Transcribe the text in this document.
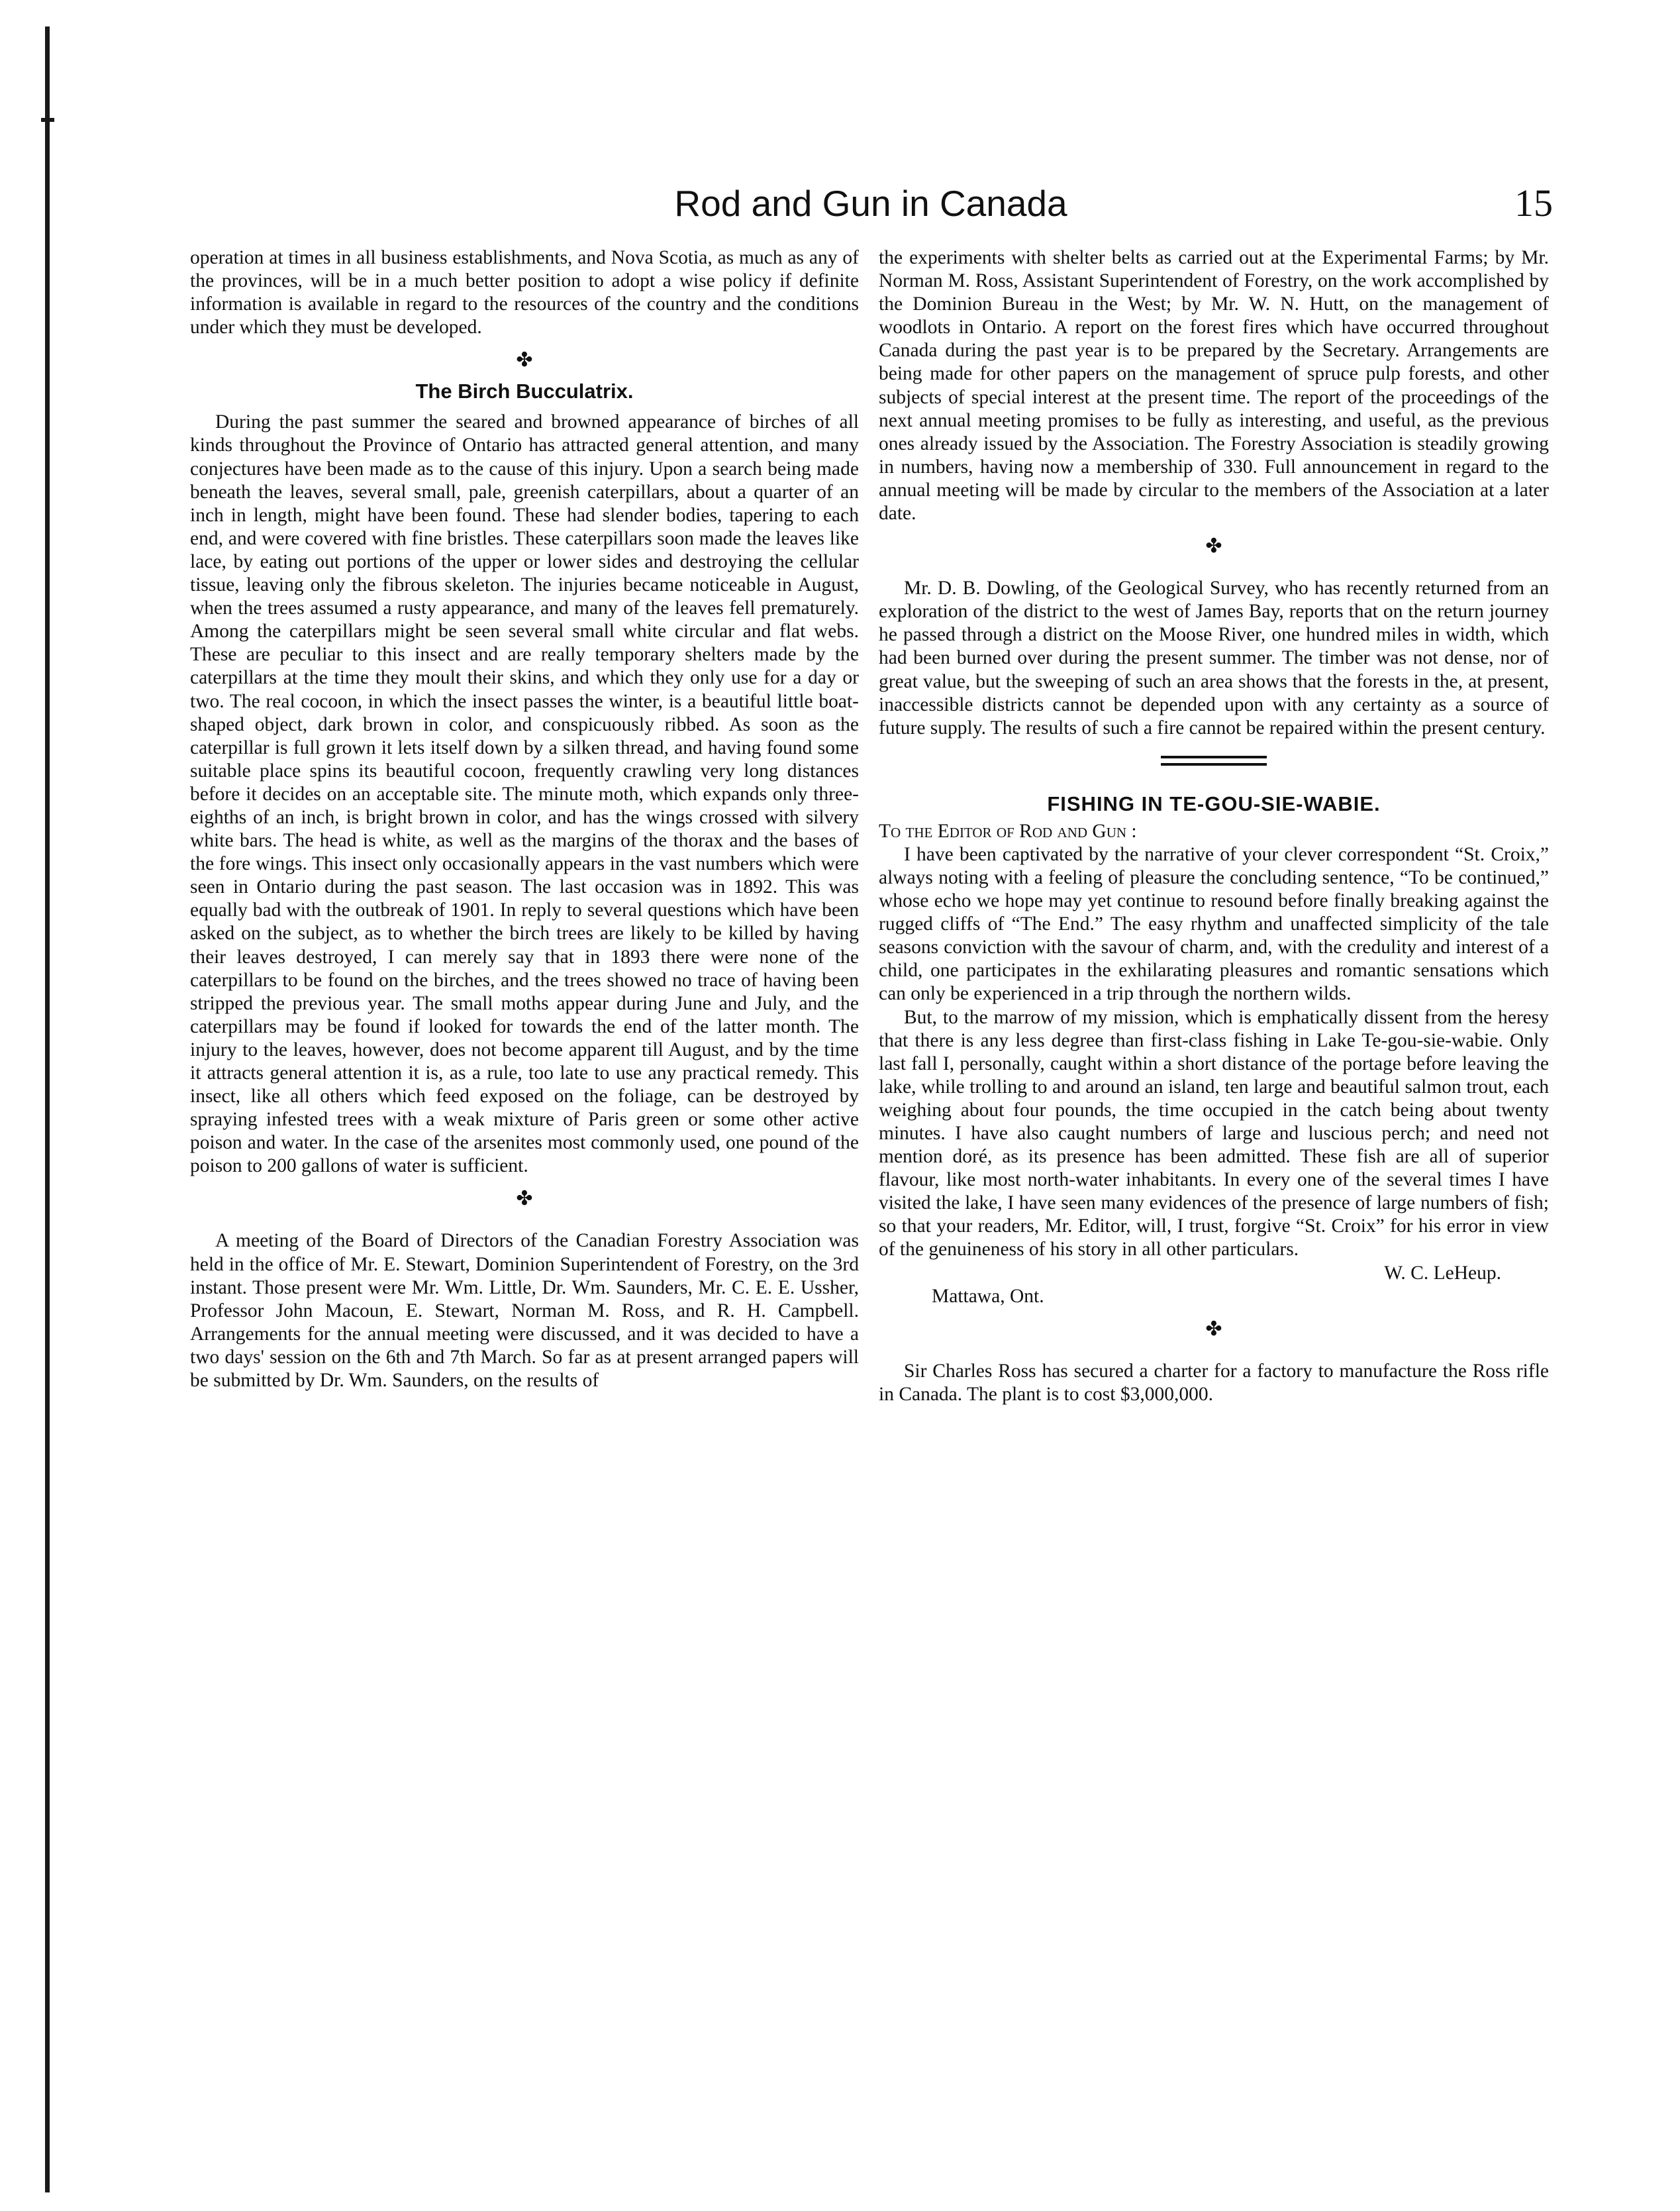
Rod and Gun in Canada	15

operation at times in all business establishments, and Nova Scotia, as much as any of the provinces, will be in a much better position to adopt a wise policy if definite information is available in regard to the resources of the country and the conditions under which they must be developed.

✤
The Birch Bucculatrix.

During the past summer the seared and browned appearance of birches of all kinds throughout the Province of Ontario has attracted general attention, and many conjectures have been made as to the cause of this injury. Upon a search being made beneath the leaves, several small, pale, greenish caterpillars, about a quarter of an inch in length, might have been found. These had slender bodies, tapering to each end, and were covered with fine bristles. These caterpillars soon made the leaves like lace, by eating out portions of the upper or lower sides and destroying the cellular tissue, leaving only the fibrous skeleton. The injuries became noticeable in August, when the trees assumed a rusty appearance, and many of the leaves fell prematurely. Among the caterpillars might be seen several small white circular and flat webs. These are peculiar to this insect and are really temporary shelters made by the caterpillars at the time they moult their skins, and which they only use for a day or two. The real cocoon, in which the insect passes the winter, is a beautiful little boat-shaped object, dark brown in color, and conspicuously ribbed. As soon as the caterpillar is full grown it lets itself down by a silken thread, and having found some suitable place spins its beautiful cocoon, frequently crawling very long distances before it decides on an acceptable site. The minute moth, which expands only three-eighths of an inch, is bright brown in color, and has the wings crossed with silvery white bars. The head is white, as well as the margins of the thorax and the bases of the fore wings. This insect only occasionally appears in the vast numbers which were seen in Ontario during the past season. The last occasion was in 1892. This was equally bad with the outbreak of 1901. In reply to several questions which have been asked on the subject, as to whether the birch trees are likely to be killed by having their leaves destroyed, I can merely say that in 1893 there were none of the caterpillars to be found on the birches, and the trees showed no trace of having been stripped the previous year. The small moths appear during June and July, and the caterpillars may be found if looked for towards the end of the latter month. The injury to the leaves, however, does not become apparent till August, and by the time it attracts general attention it is, as a rule, too late to use any practical remedy. This insect, like all others which feed exposed on the foliage, can be destroyed by spraying infested trees with a weak mixture of Paris green or some other active poison and water. In the case of the arsenites most commonly used, one pound of the poison to 200 gallons of water is sufficient.

✤

A meeting of the Board of Directors of the Canadian Forestry Association was held in the office of Mr. E. Stewart, Dominion Superintendent of Forestry, on the 3rd instant. Those present were Mr. Wm. Little, Dr. Wm. Saunders, Mr. C. E. E. Ussher, Professor John Macoun, E. Stewart, Norman M. Ross, and R. H. Campbell. Arrangements for the annual meeting were discussed, and it was decided to have a two days' session on the 6th and 7th March. So far as at present arranged papers will be submitted by Dr. Wm. Saunders, on the results of

the experiments with shelter belts as carried out at the Experimental Farms; by Mr. Norman M. Ross, Assistant Superintendent of Forestry, on the work accomplished by the Dominion Bureau in the West; by Mr. W. N. Hutt, on the management of woodlots in Ontario. A report on the forest fires which have occurred throughout Canada during the past year is to be prepared by the Secretary. Arrangements are being made for other papers on the management of spruce pulp forests, and other subjects of special interest at the present time. The report of the proceedings of the next annual meeting promises to be fully as interesting, and useful, as the previous ones already issued by the Association. The Forestry Association is steadily growing in numbers, having now a membership of 330. Full announcement in regard to the annual meeting will be made by circular to the members of the Association at a later date.

✤

Mr. D. B. Dowling, of the Geological Survey, who has recently returned from an exploration of the district to the west of James Bay, reports that on the return journey he passed through a district on the Moose River, one hundred miles in width, which had been burned over during the present summer. The timber was not dense, nor of great value, but the sweeping of such an area shows that the forests in the, at present, inaccessible districts cannot be depended upon with any certainty as a source of future supply. The results of such a fire cannot be repaired within the present century.

FISHING IN TE-GOU-SIE-WABIE.

To the Editor of Rod and Gun :

I have been captivated by the narrative of your clever correspondent “St. Croix,” always noting with a feeling of pleasure the concluding sentence, “To be continued,” whose echo we hope may yet continue to resound before finally breaking against the rugged cliffs of “The End.” The easy rhythm and unaffected simplicity of the tale seasons conviction with the savour of charm, and, with the credulity and interest of a child, one participates in the exhilarating pleasures and romantic sensations which can only be experienced in a trip through the northern wilds.

But, to the marrow of my mission, which is emphatically dissent from the heresy that there is any less degree than first-class fishing in Lake Te-gou-sie-wabie. Only last fall I, personally, caught within a short distance of the portage before leaving the lake, while trolling to and around an island, ten large and beautiful salmon trout, each weighing about four pounds, the time occupied in the catch being about twenty minutes. I have also caught numbers of large and luscious perch; and need not mention doré, as its presence has been admitted. These fish are all of superior flavour, like most north-water inhabitants. In every one of the several times I have visited the lake, I have seen many evidences of the presence of large numbers of fish; so that your readers, Mr. Editor, will, I trust, forgive “St. Croix” for his error in view of the genuineness of his story in all other particulars.

W. C. LeHeup.

Mattawa, Ont.

✤

Sir Charles Ross has secured a charter for a factory to manufacture the Ross rifle in Canada. The plant is to cost $3,000,000.
